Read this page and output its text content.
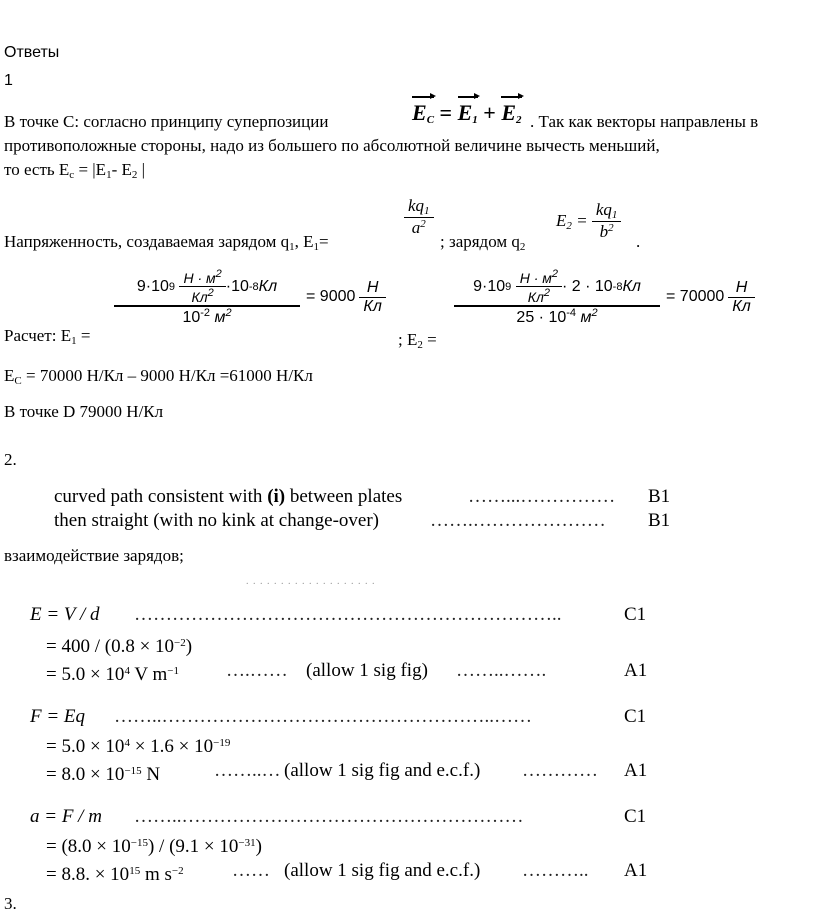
Ответы
1
В точке С: согласно принципу суперпозиции	$E_C = E_1 + E_2$ . Так как векторы направлены в
противоположные стороны, надо из большего по абсолютной величине вычесть меньший,
то есть $E_c = |E_1-$ $E_2$ |
Напряженность, создаваемая зарядом $q_1$, $E_1=$
$\frac{kq_1}{a^2}$
; зарядом $q_2$
$E_2 = \frac{kq_1}{b^2}$ .
Расчет: $E_1$ =
9·10 9
$\frac{Н \cdot м^2}{Кл^2} \cdot 10$ -8 Кл
$10^{-2}$ $м^2 = 9000 \frac{Н}{Кл}$
; $E_2$ =
9·10 9
$\frac{Н \cdot м^2}{Кл^2} \cdot 2 \cdot 10$ -8 Кл
$25 \cdot 10^{-4}$ $м^2 = 70000 \frac{Н}{Кл}$
$E_C = 70000$ Н/Кл – 9000 Н/Кл =61000 Н/Кл
В точке D 79000 Н/Кл
2.
curved path consistent with (i) between plates	……...…………… B1
then straight (with no kink at change-over)	…….………………… B1
взаимодействие зарядов;
. . . . . . . . . . . . . . . . . . .
E = V / d …………………………………………………………..	C1
= $400 / (0.8 \times 10^{-2})$
= $5.0 \times 10^4$ V $m^{-1}$ ….…… (allow 1 sig fig) ……..…….	A1
F = Eq ……..……………………………………………..……	C1
= $5.0 \times 10^4 \times 1.6 \times 10^{-19}$
= $8.0 \times 10^{-15}$ N	……..… (allow 1 sig fig and e.c.f.) ………… A1
a = F / m ……..………………………………………………	C1
= $(8.0 \times 10^{-15}) / (9.1 \times 10^{-31})$
= 8.8. × $10^{15}$ m $s^{-2}$	…… (allow 1 sig fig and e.c.f.) ……….. A1
3.
